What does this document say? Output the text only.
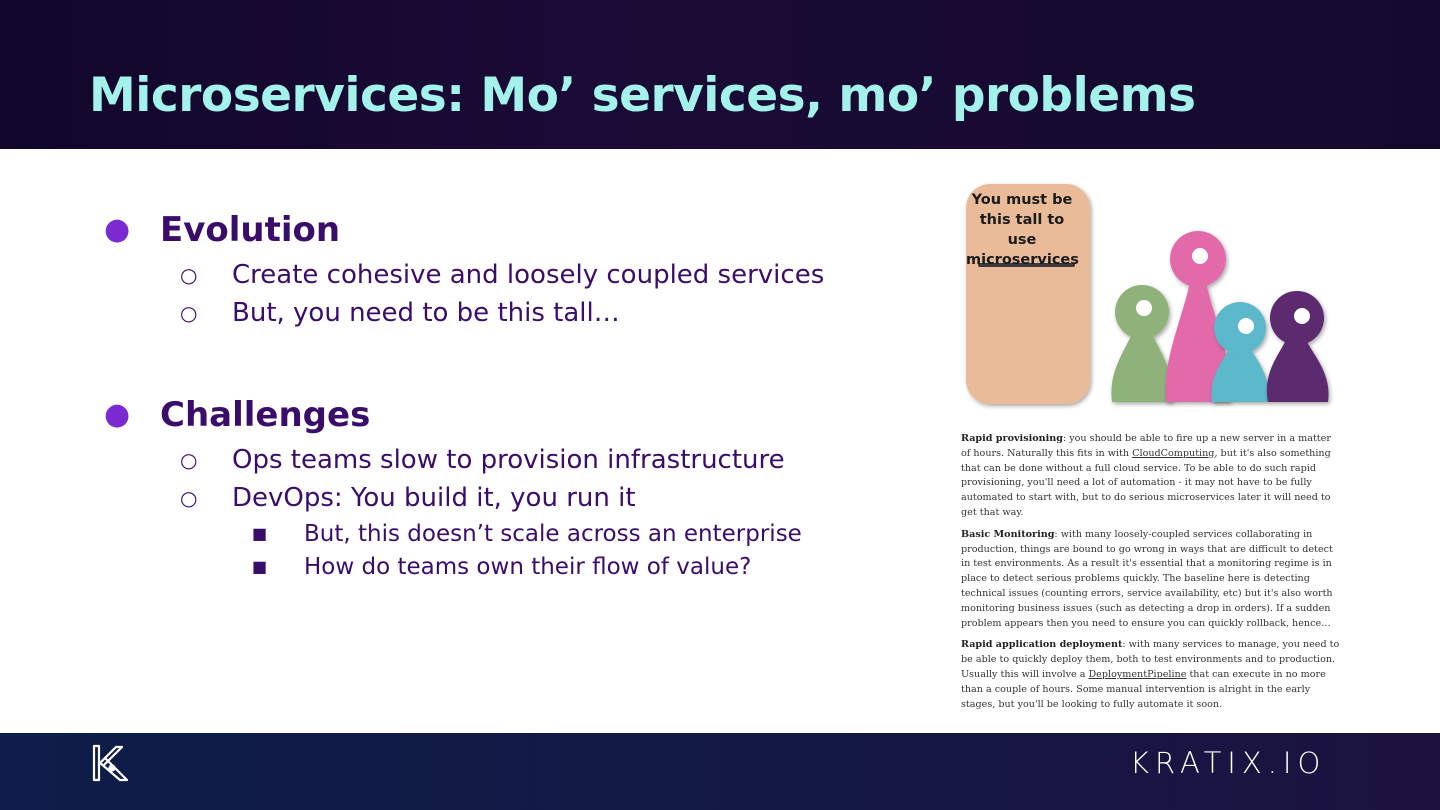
Microservices: Mo’ services, mo’ problems
● Evolution
○ Create cohesive and loosely coupled services
○ But, you need to be this tall…
● Challenges
○ Ops teams slow to provision infrastructure
○ DevOps: You build it, you run it
■ But, this doesn’t scale across an enterprise
■ How do teams own their flow of value?
You must be this tall to use microservices

Rapid provisioning: you should be able to fire up a new server in a matter of hours. Naturally this fits in with CloudComputing, but it's also something that can be done without a full cloud service. To be able to do such rapid provisioning, you'll need a lot of automation - it may not have to be fully automated to start with, but to do serious microservices later it will need to get that way.

Basic Monitoring: with many loosely-coupled services collaborating in production, things are bound to go wrong in ways that are difficult to detect in test environments. As a result it's essential that a monitoring regime is in place to detect serious problems quickly. The baseline here is detecting technical issues (counting errors, service availability, etc) but it's also worth monitoring business issues (such as detecting a drop in orders). If a sudden problem appears then you need to ensure you can quickly rollback, hence…

Rapid application deployment: with many services to manage, you need to be able to quickly deploy them, both to test environments and to production. Usually this will involve a DeploymentPipeline that can execute in no more than a couple of hours. Some manual intervention is alright in the early stages, but you'll be looking to fully automate it soon.

KRATIX.IO
